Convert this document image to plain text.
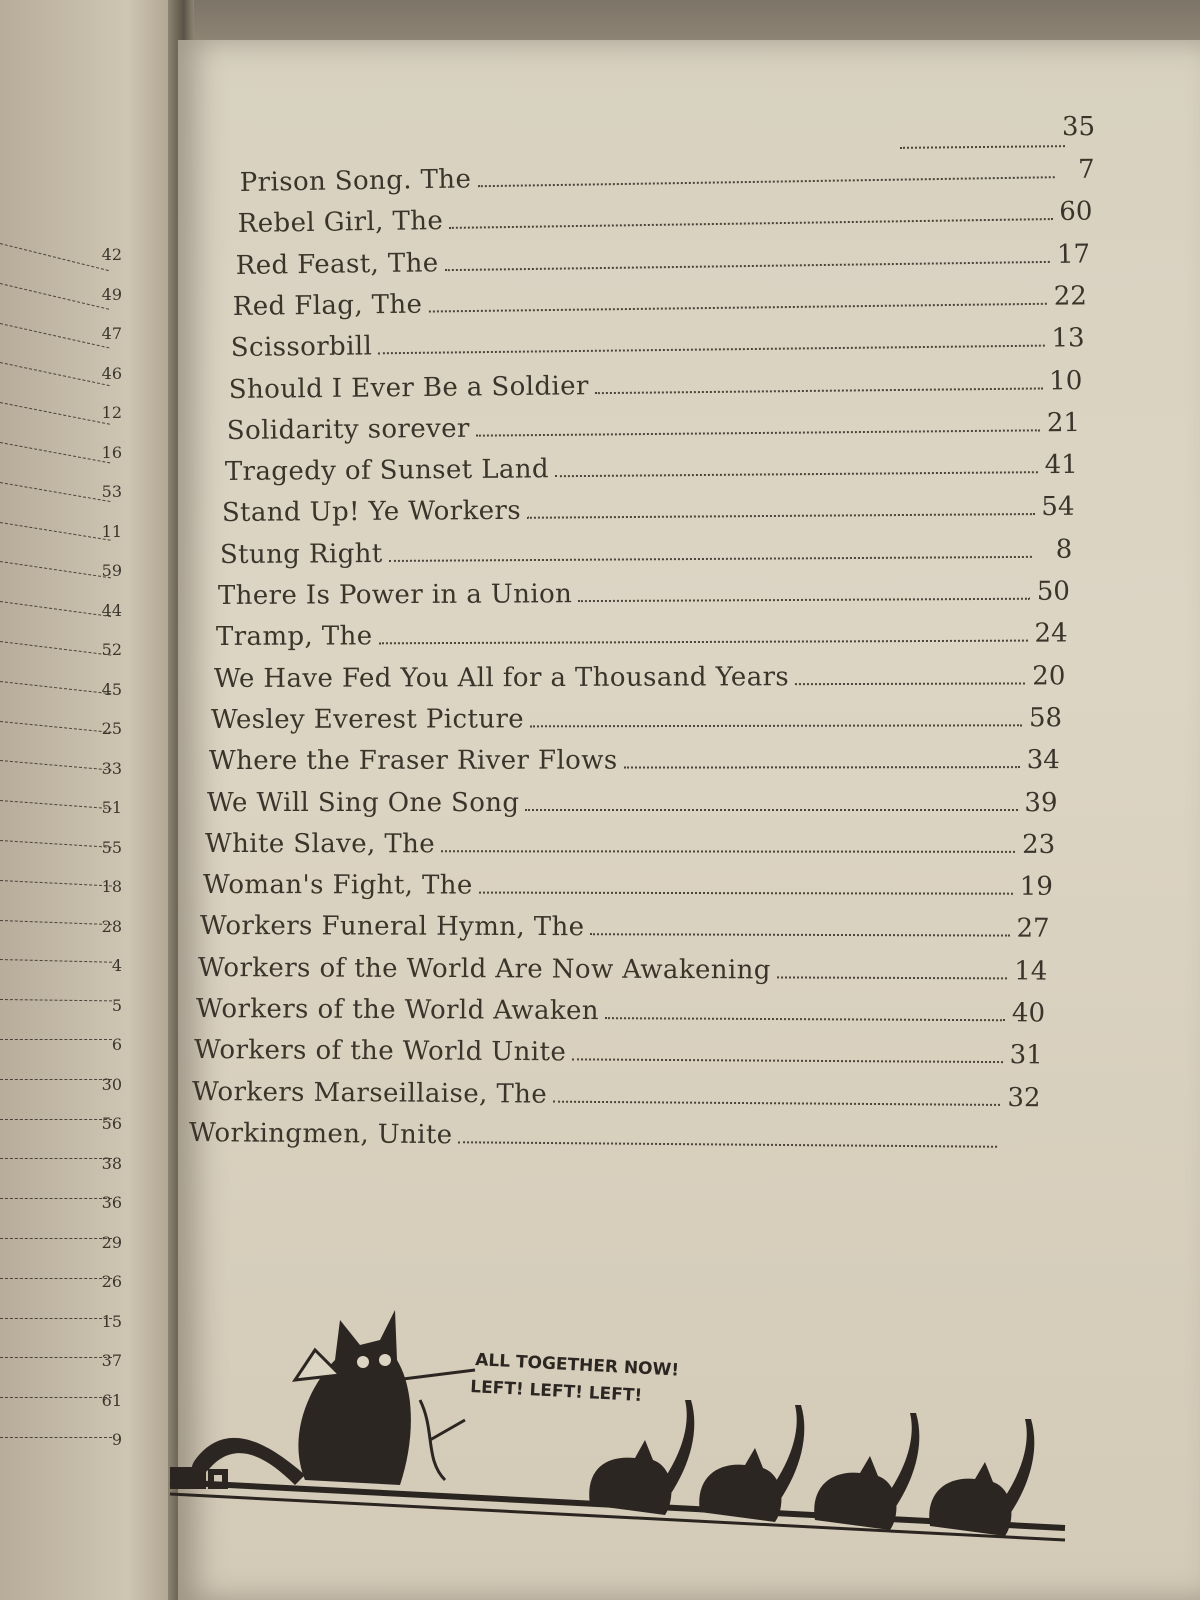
42
49
47
46
12
16
53
11
59
44
52
45
25
33
51
55
18
28
4
5
6
30
56
38
36
29
26
15
37
61
9
35
Prison Song. The	7
Rebel Girl, The	60
Red Feast, The	17
Red Flag, The	22
Scissorbill	13
Should I Ever Be a Soldier	10
Solidarity sorever	21
Tragedy of Sunset Land	41
Stand Up! Ye Workers	54
Stung Right	8
There Is Power in a Union	50
Tramp, The	24
We Have Fed You All for a Thousand Years	20
Wesley Everest Picture	58
Where the Fraser River Flows	34
We Will Sing One Song	39
White Slave, The	23
Woman's Fight, The	19
Workers Funeral Hymn, The	27
Workers of the World Are Now Awakening	14
Workers of the World Awaken	40
Workers of the World Unite	31
Workers Marseillaise, The	32
Workingmen, Unite
ALL TOGETHER NOW!
LEFT! LEFT! LEFT!
